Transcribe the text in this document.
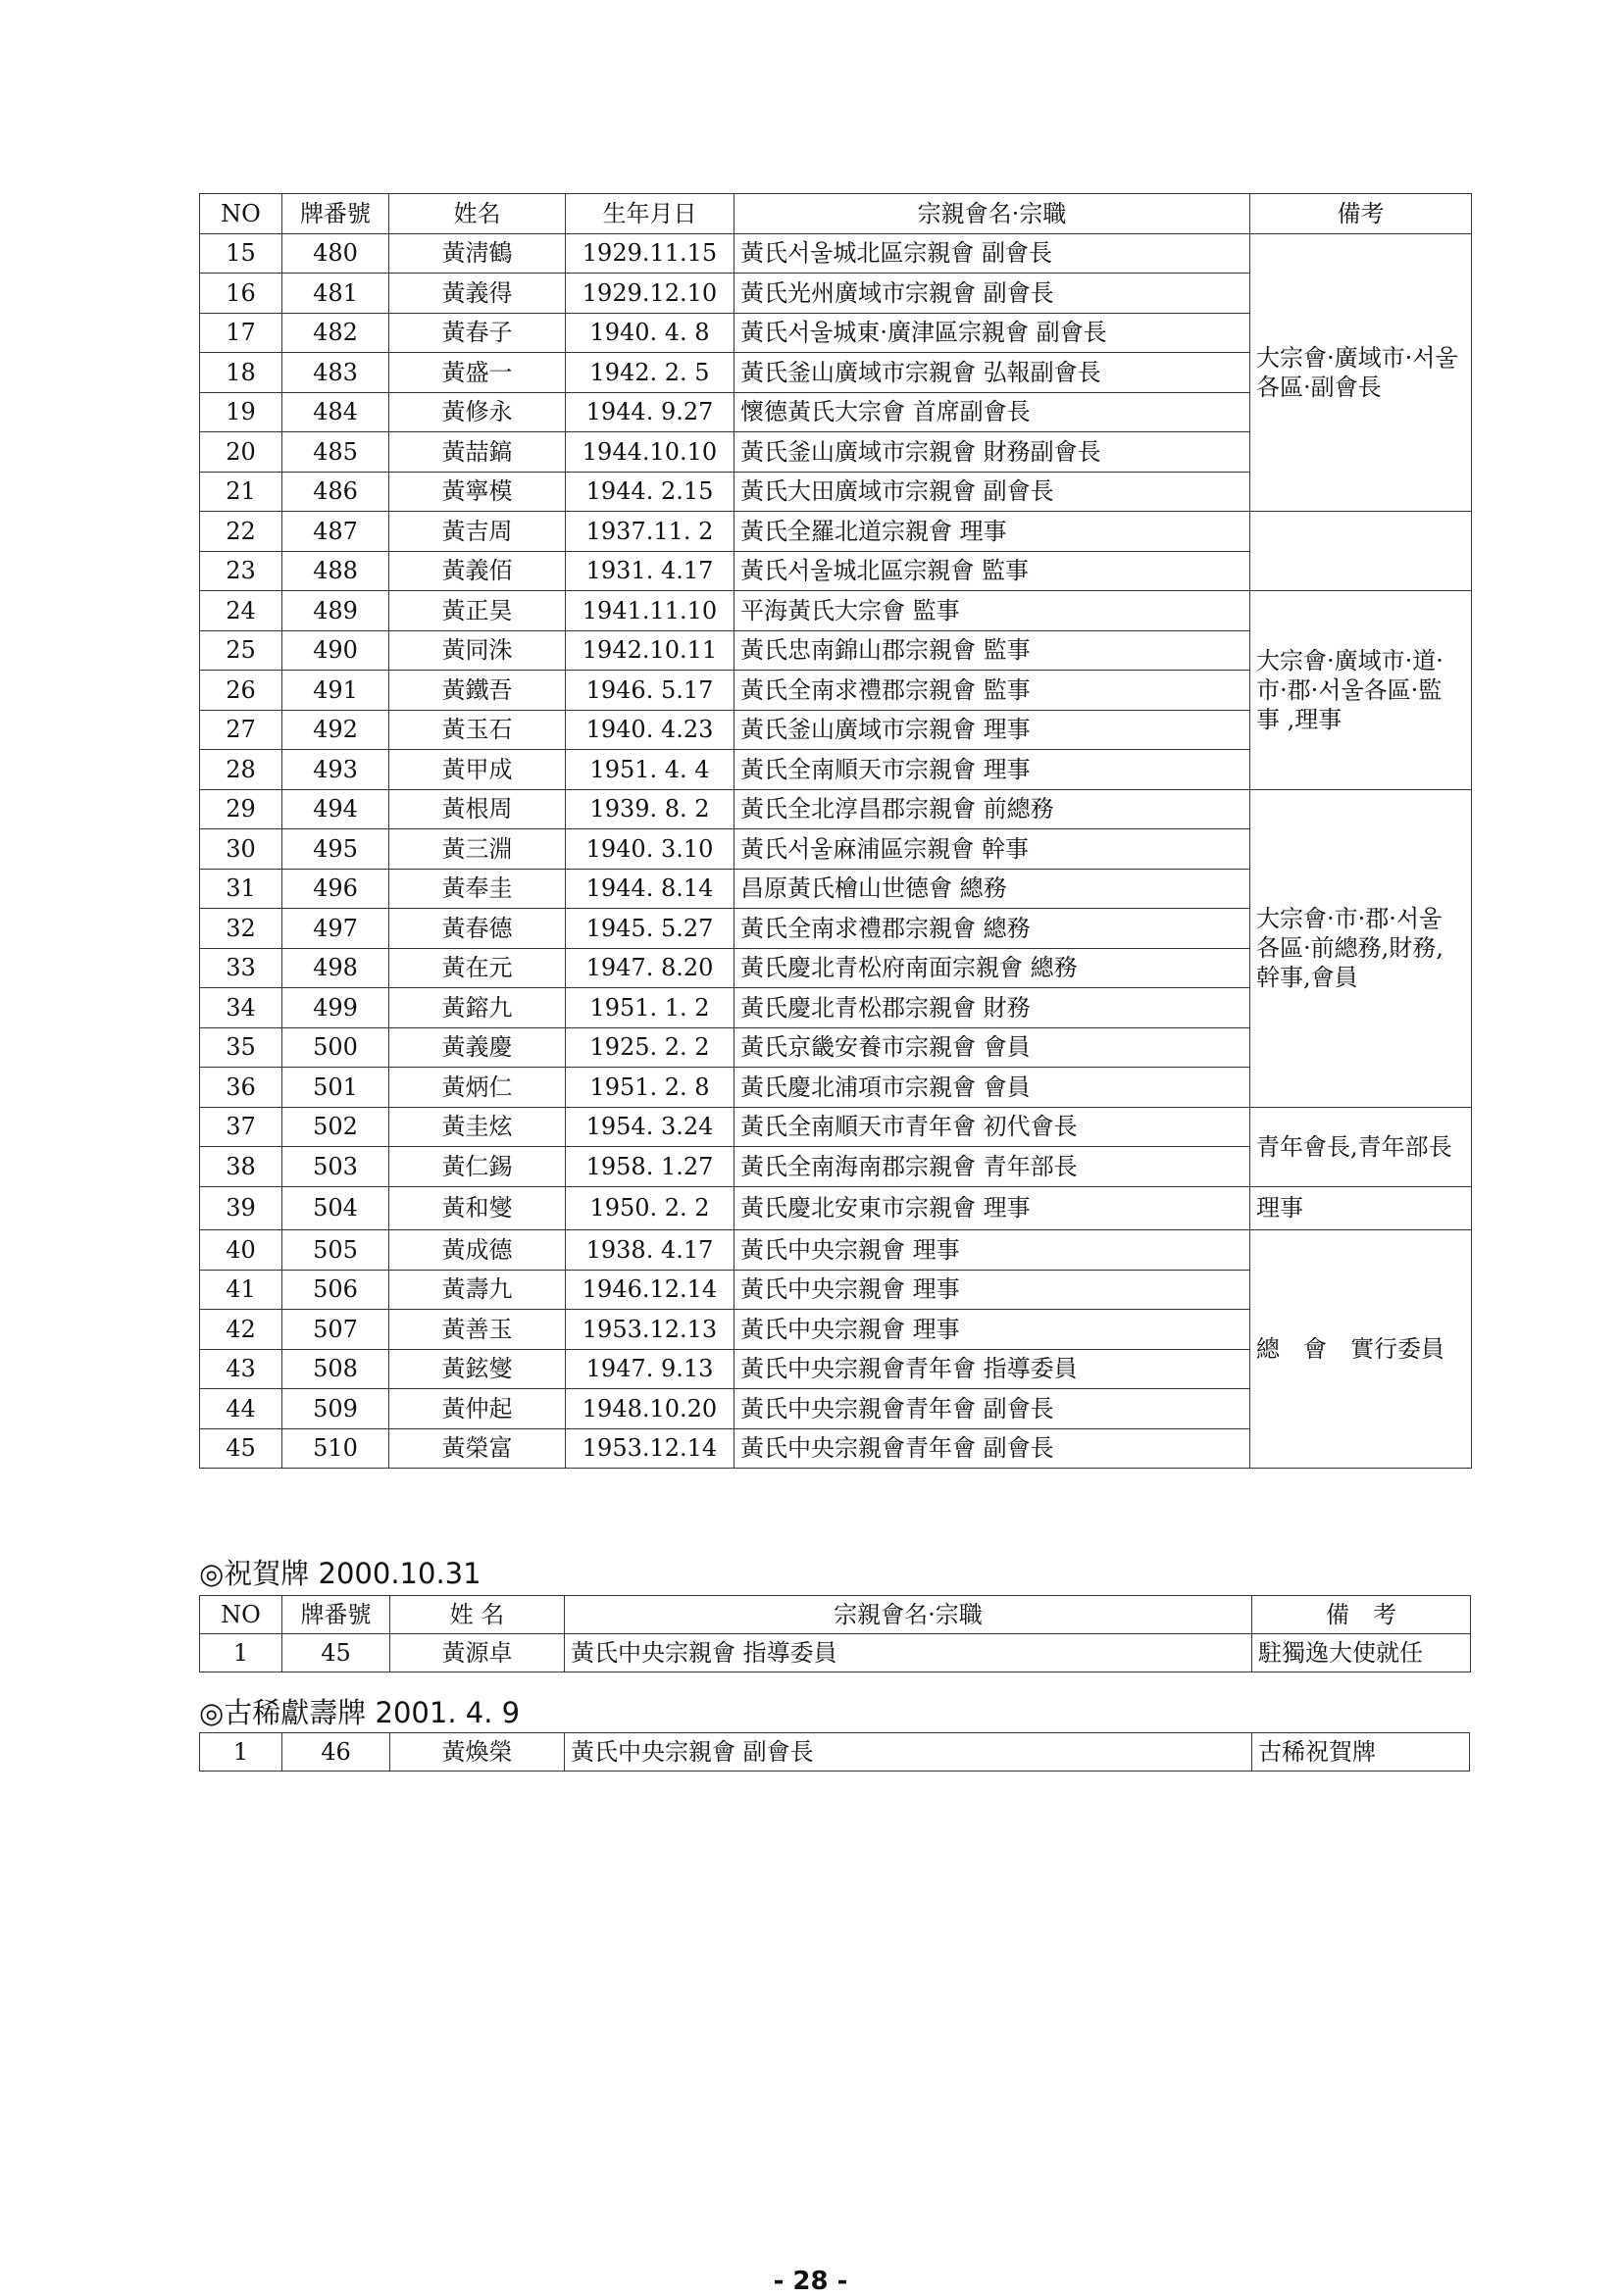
NO	牌番號	姓名	生年月日	宗親會名·宗職	備考
15	480	黃淸鶴	1929.11.15	黃氏서울城北區宗親會 副會長	大宗會·廣域市·서울各區·副會長
16	481	黃義得	1929.12.10	黃氏光州廣域市宗親會 副會長	
17	482	黃春子	1940. 4. 8	黃氏서울城東·廣津區宗親會 副會長	
18	483	黃盛一	1942. 2. 5	黃氏釜山廣域市宗親會 弘報副會長	
19	484	黃修永	1944. 9.27	懷德黃氏大宗會 首席副會長	
20	485	黃喆鎬	1944.10.10	黃氏釜山廣域市宗親會 財務副會長	
21	486	黃寧模	1944. 2.15	黃氏大田廣域市宗親會 副會長	
22	487	黃吉周	1937.11. 2	黃氏全羅北道宗親會 理事	
23	488	黃義佰	1931. 4.17	黃氏서울城北區宗親會 監事	
24	489	黃正昊	1941.11.10	平海黃氏大宗會 監事	大宗會·廣域市·道·市·郡·서울各區·監事 ,理事
25	490	黃同洙	1942.10.11	黃氏忠南錦山郡宗親會 監事	
26	491	黃鐵吾	1946. 5.17	黃氏全南求禮郡宗親會 監事	
27	492	黃玉石	1940. 4.23	黃氏釜山廣域市宗親會 理事	
28	493	黃甲成	1951. 4. 4	黃氏全南順天市宗親會 理事	
29	494	黃根周	1939. 8. 2	黃氏全北淳昌郡宗親會 前總務	大宗會·市·郡·서울各區·前總務,財務,幹事,會員
30	495	黃三淵	1940. 3.10	黃氏서울麻浦區宗親會 幹事	
31	496	黃奉圭	1944. 8.14	昌原黃氏檜山世德會 總務	
32	497	黃春德	1945. 5.27	黃氏全南求禮郡宗親會 總務	
33	498	黃在元	1947. 8.20	黃氏慶北青松府南面宗親會 總務	
34	499	黃鎔九	1951. 1. 2	黃氏慶北青松郡宗親會 財務	
35	500	黃義慶	1925. 2. 2	黃氏京畿安養市宗親會 會員	
36	501	黃炳仁	1951. 2. 8	黃氏慶北浦項市宗親會 會員	
37	502	黃圭炫	1954. 3.24	黃氏全南順天市青年會 初代會長	青年會長,青年部長
38	503	黃仁錫	1958. 1.27	黃氏全南海南郡宗親會 青年部長	
39	504	黃和燮	1950. 2. 2	黃氏慶北安東市宗親會 理事	理事
40	505	黃成德	1938. 4.17	黃氏中央宗親會 理事	總　會　實行委員
41	506	黃壽九	1946.12.14	黃氏中央宗親會 理事	
42	507	黃善玉	1953.12.13	黃氏中央宗親會 理事	
43	508	黃鉉燮	1947. 9.13	黃氏中央宗親會青年會 指導委員	
44	509	黃仲起	1948.10.20	黃氏中央宗親會青年會 副會長	
45	510	黃榮富	1953.12.14	黃氏中央宗親會青年會 副會長	
◎祝賀牌 2000.10.31
NO	牌番號	姓 名	宗親會名·宗職	備　考
1	45	黃源卓	黃氏中央宗親會 指導委員	駐獨逸大使就任
◎古稀獻壽牌 2001. 4. 9
1	46	黃煥榮	黃氏中央宗親會 副會長	古稀祝賀牌
- 28 -
